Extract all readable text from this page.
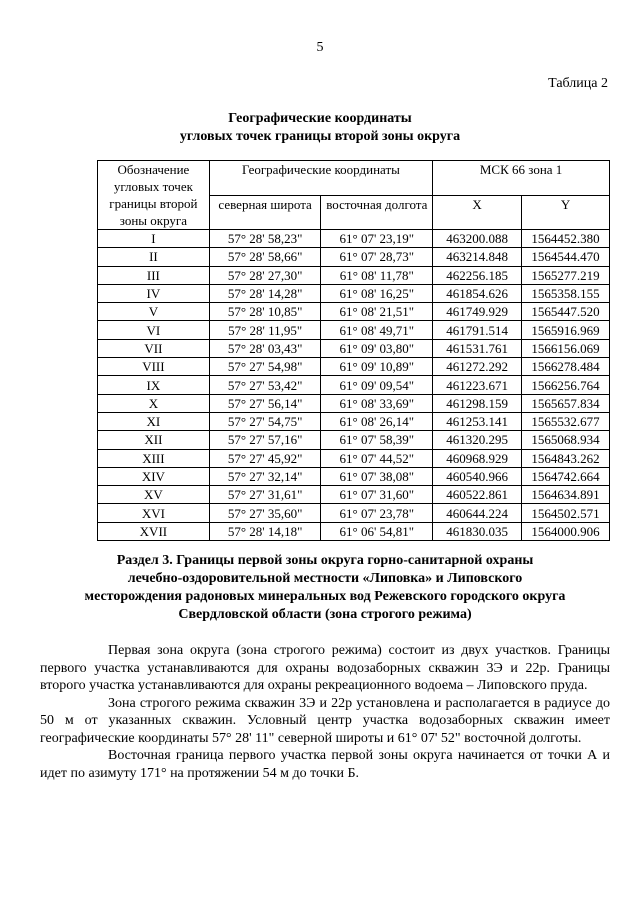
5
Таблица 2
Географические координаты
угловых точек границы второй зоны округа
Обозначение угловых точек границы второй зоны округа	Географические координаты		МСК 66 зона 1	
	северная широта	восточная долгота	X	Y
I	57° 28' 58,23"	61° 07' 23,19"	463200.088	1564452.380
II	57° 28' 58,66"	61° 07' 28,73"	463214.848	1564544.470
III	57° 28' 27,30"	61° 08' 11,78"	462256.185	1565277.219
IV	57° 28' 14,28"	61° 08' 16,25"	461854.626	1565358.155
V	57° 28' 10,85"	61° 08' 21,51"	461749.929	1565447.520
VI	57° 28' 11,95"	61° 08' 49,71"	461791.514	1565916.969
VII	57° 28' 03,43"	61° 09' 03,80"	461531.761	1566156.069
VIII	57° 27' 54,98"	61° 09' 10,89"	461272.292	1566278.484
IX	57° 27' 53,42"	61° 09' 09,54"	461223.671	1566256.764
X	57° 27' 56,14"	61° 08' 33,69"	461298.159	1565657.834
XI	57° 27' 54,75"	61° 08' 26,14"	461253.141	1565532.677
XII	57° 27' 57,16"	61° 07' 58,39"	461320.295	1565068.934
XIII	57° 27' 45,92"	61° 07' 44,52"	460968.929	1564843.262
XIV	57° 27' 32,14"	61° 07' 38,08"	460540.966	1564742.664
XV	57° 27' 31,61"	61° 07' 31,60"	460522.861	1564634.891
XVI	57° 27' 35,60"	61° 07' 23,78"	460644.224	1564502.571
XVII	57° 28' 14,18"	61° 06' 54,81"	461830.035	1564000.906
Раздел 3. Границы первой зоны округа горно-санитарной охраны
лечебно-оздоровительной местности «Липовка» и Липовского
месторождения радоновых минеральных вод Режевского городского округа
Свердловской области (зона строгого режима)

Первая зона округа (зона строгого режима) состоит из двух участков. Границы первого участка устанавливаются для охраны водозаборных скважин 3Э и 22р. Границы второго участка устанавливаются для охраны рекреационного водоема – Липовского пруда.

Зона строгого режима скважин 3Э и 22р установлена и располагается в радиусе до 50 м от указанных скважин. Условный центр участка водозаборных скважин имеет географические координаты 57° 28' 11" северной широты и 61° 07' 52" восточной долготы.

Восточная граница первого участка первой зоны округа начинается от точки А и идет по азимуту 171° на протяжении 54 м до точки Б.
